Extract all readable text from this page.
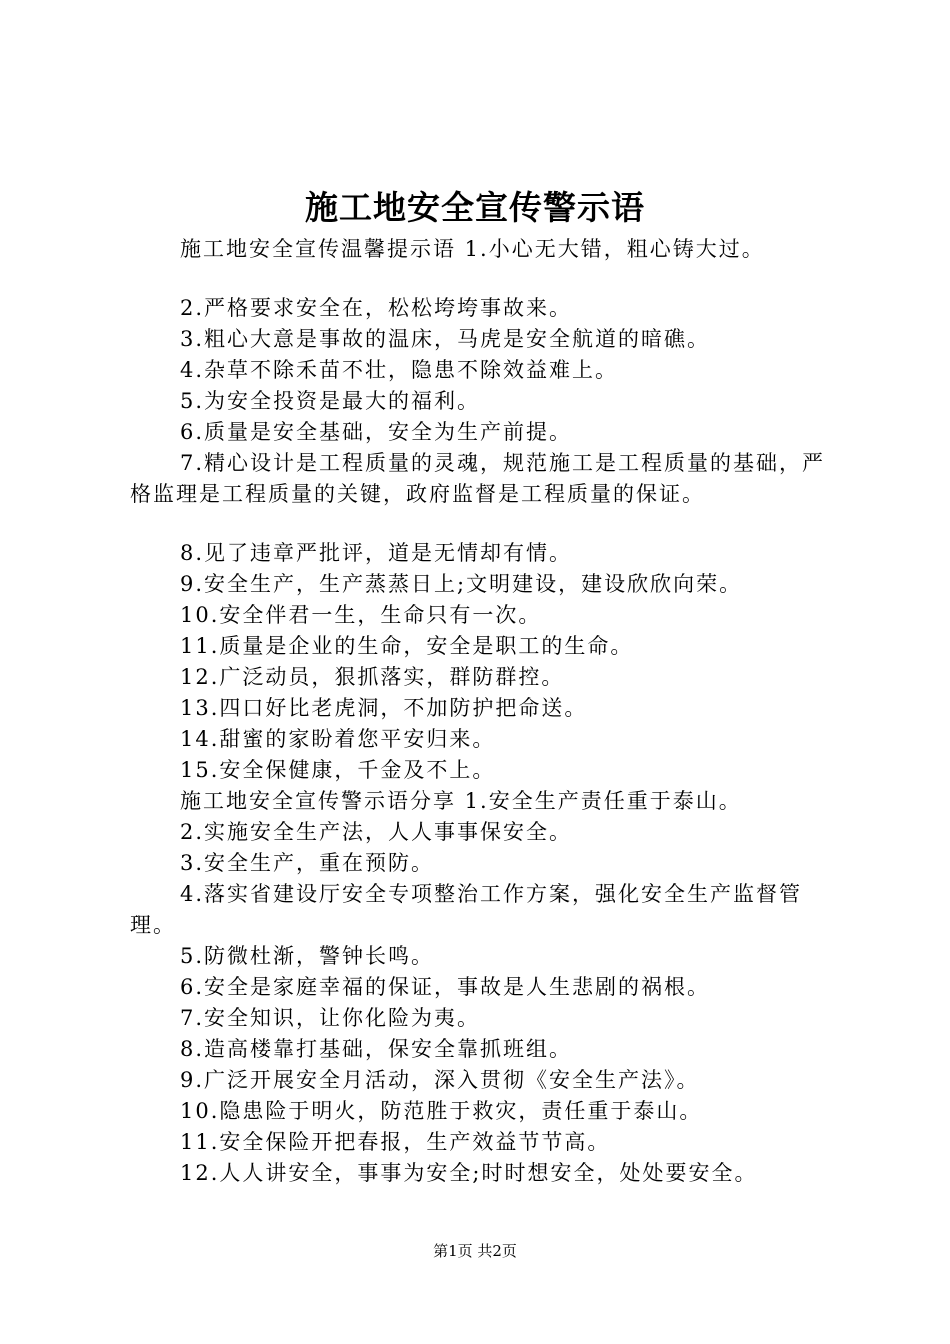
施工地安全宣传警示语

施工地安全宣传温馨提示语 1.小心无大错，粗心铸大过。

2.严格要求安全在，松松垮垮事故来。

3.粗心大意是事故的温床，马虎是安全航道的暗礁。

4.杂草不除禾苗不壮，隐患不除效益难上。

5.为安全投资是最大的福利。

6.质量是安全基础，安全为生产前提。

7.精心设计是工程质量的灵魂，规范施工是工程质量的基础，严格监理是工程质量的关键，政府监督是工程质量的保证。

8.见了违章严批评，道是无情却有情。

9.安全生产，生产蒸蒸日上;文明建设，建设欣欣向荣。

10.安全伴君一生，生命只有一次。

11.质量是企业的生命，安全是职工的生命。

12.广泛动员，狠抓落实，群防群控。

13.四口好比老虎洞，不加防护把命送。

14.甜蜜的家盼着您平安归来。

15.安全保健康，千金及不上。

施工地安全宣传警示语分享 1.安全生产责任重于泰山。

2.实施安全生产法，人人事事保安全。

3.安全生产，重在预防。

4.落实省建设厅安全专项整治工作方案，强化安全生产监督管理。

5.防微杜渐，警钟长鸣。

6.安全是家庭幸福的保证，事故是人生悲剧的祸根。

7.安全知识，让你化险为夷。

8.造高楼靠打基础，保安全靠抓班组。

9.广泛开展安全月活动，深入贯彻《安全生产法》。

10.隐患险于明火，防范胜于救灾，责任重于泰山。

11.安全保险开把春报，生产效益节节高。

12.人人讲安全，事事为安全;时时想安全，处处要安全。

第1页 共2页
